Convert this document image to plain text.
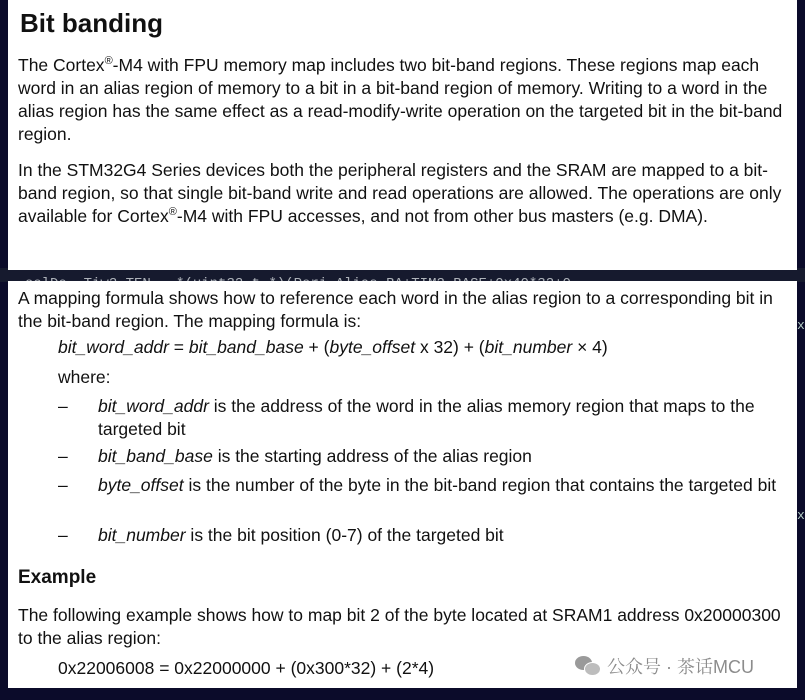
x
x
Bit banding

The Cortex®-M4 with FPU memory map includes two bit-band regions. These regions map each word in an alias region of memory to a bit in a bit-band region of memory. Writing to a word in the alias region has the same effect as a read-modify-write operation on the targeted bit in the bit-band region.

In the STM32G4 Series devices both the peripheral registers and the SRAM are mapped to a bit-band region, so that single bit-band write and read operations are allowed. The operations are only available for Cortex®-M4 with FPU accesses, and not from other bus masters (e.g. DMA).

A mapping formula shows how to reference each word in the alias region to a corresponding bit in the bit-band region. The mapping formula is:

bit_word_addr = bit_band_base + (byte_offset x 32) + (bit_number × 4)
where:
– bit_word_addr is the address of the word in the alias memory region that maps to the targeted bit
– bit_band_base is the starting address of the alias region
– byte_offset is the number of the byte in the bit-band region that contains the targeted bit
– bit_number is the bit position (0-7) of the targeted bit
Example

The following example shows how to map bit 2 of the byte located at SRAM1 address 0x20000300 to the alias region:

0x22006008 = 0x22000000 + (0x300*32) + (2*4)	公众号 · 茶话MCU
